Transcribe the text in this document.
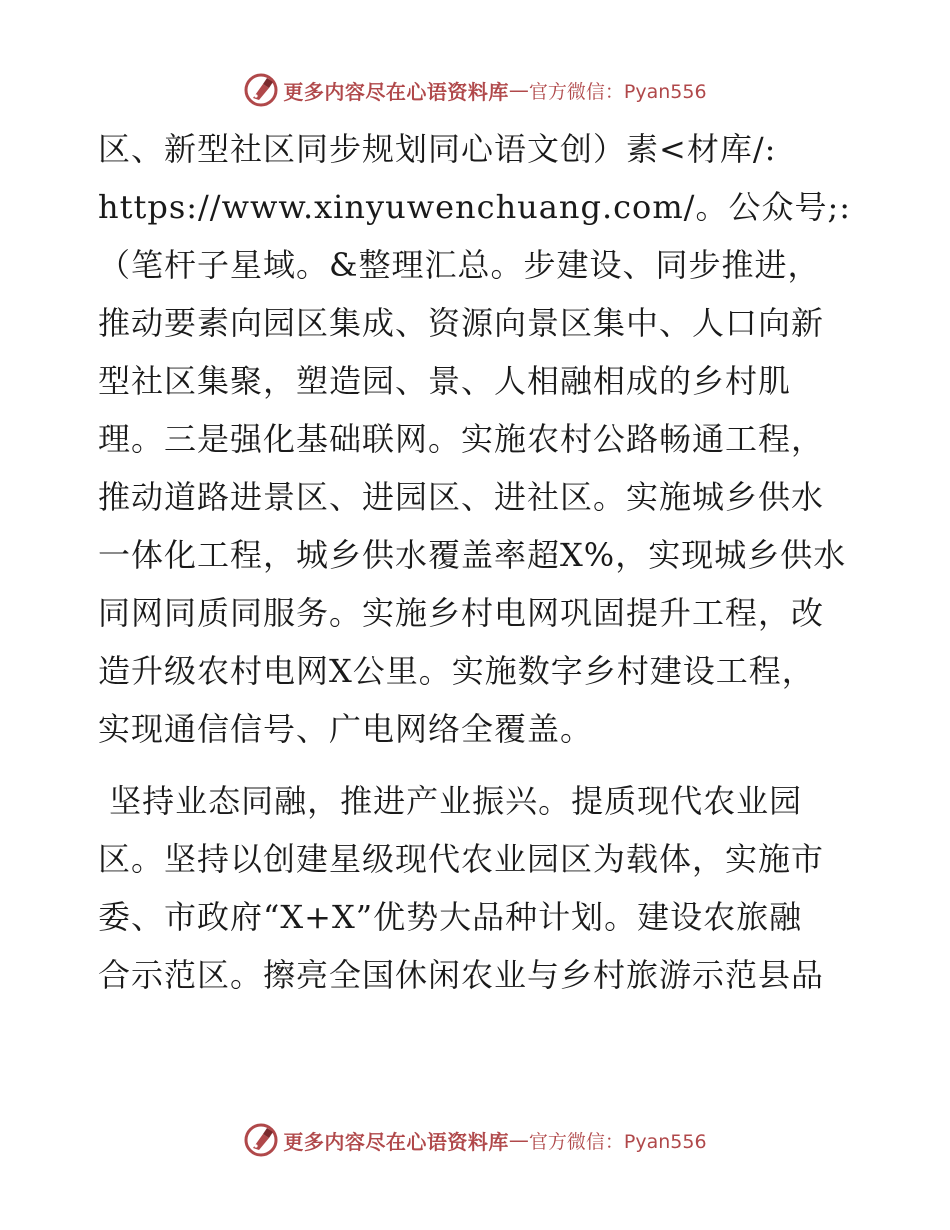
更多内容尽在心语资料库 — 官方微信：Pyan556
区、新型社区同步规划同心语文创）素<材库/:
https://www.xinyuwenchuang.com/。公众号;:
（笔杆子星域。&整理汇总。步建设、同步推进，
推动要素向园区集成、资源向景区集中、人口向新
型社区集聚，塑造园、景、人相融相成的乡村肌
理。三是强化基础联网。实施农村公路畅通工程，
推动道路进景区、进园区、进社区。实施城乡供水
一体化工程，城乡供水覆盖率超X%，实现城乡供水
同网同质同服务。实施乡村电网巩固提升工程，改
造升级农村电网X公里。实施数字乡村建设工程，
实现通信信号、广电网络全覆盖。
坚持业态同融，推进产业振兴。提质现代农业园
区。坚持以创建星级现代农业园区为载体，实施市
委、市政府“X+X”优势大品种计划。建设农旅融
合示范区。擦亮全国休闲农业与乡村旅游示范县品
更多内容尽在心语资料库 — 官方微信：Pyan556
